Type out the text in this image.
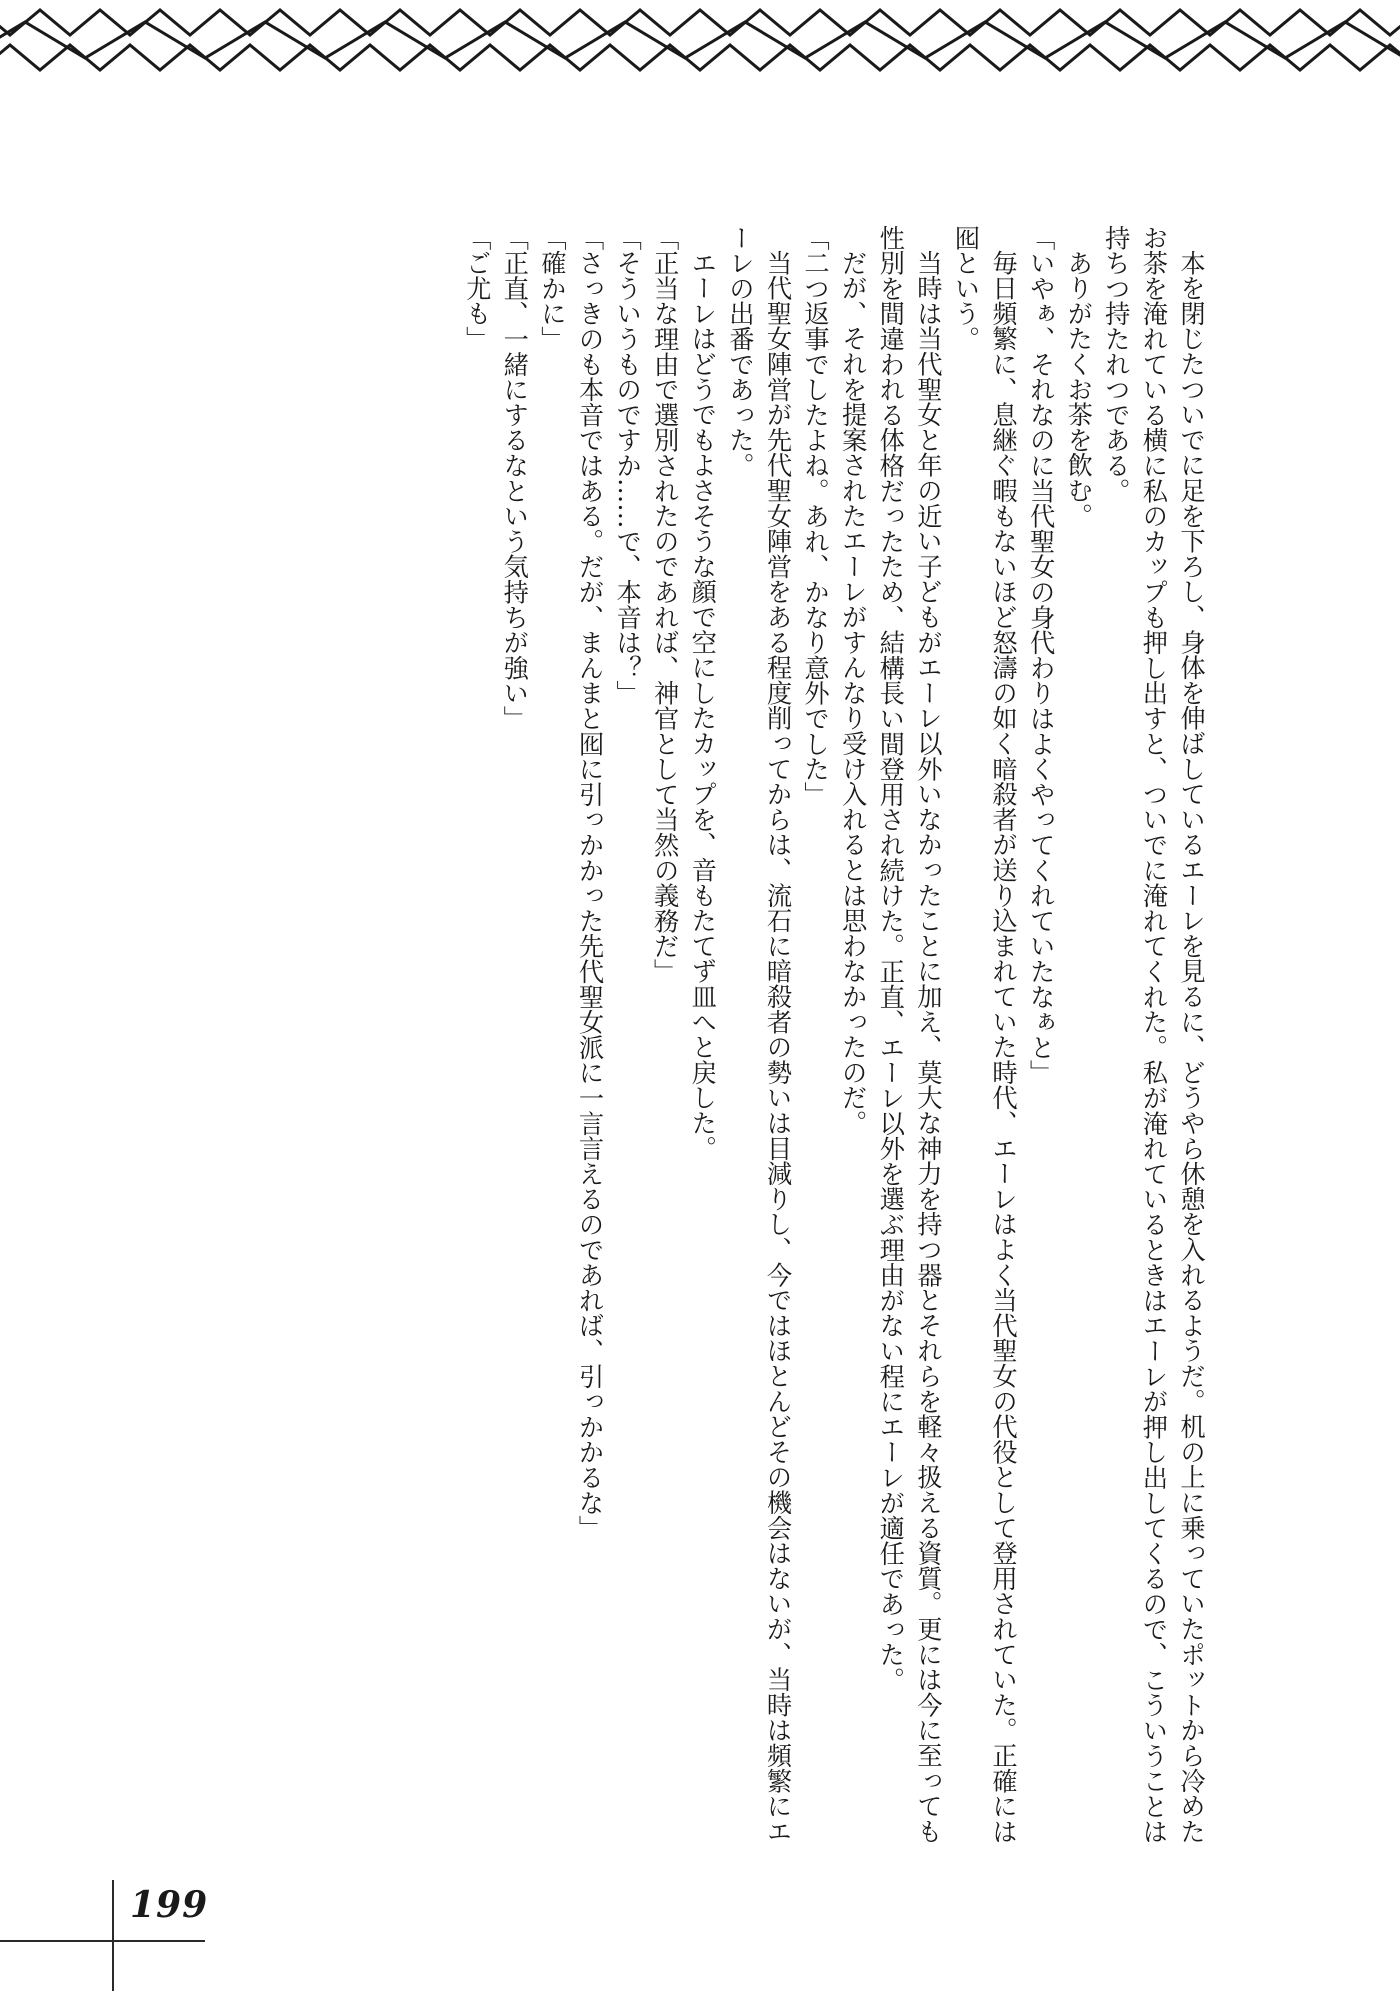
本を閉じたついでに足を下ろし、身体を伸ばしているエーレを見るに、どうやら休憩を入れるようだ。机の上に乗っていたポットから冷めたお茶を淹れている横に私のカップも押し出すと、ついでに淹れてくれた。私が淹れているときはエーレが押し出してくるので、こういうことは持ちつ持たれつである。

ありがたくお茶を飲む。

「いやぁ、それなのに当代聖女の身代わりはよくやってくれていたなぁと」

毎日頻繁に、息継ぐ暇もないほど怒濤の如く暗殺者が送り込まれていた時代、エーレはよく当代聖女の代役として登用されていた。正確には囮という。

当時は当代聖女と年の近い子どもがエーレ以外いなかったことに加え、莫大な神力を持つ器とそれらを軽々扱える資質。更には今に至っても性別を間違われる体格だったため、結構長い間登用され続けた。正直、エーレ以外を選ぶ理由がない程にエーレが適任であった。

だが、それを提案されたエーレがすんなり受け入れるとは思わなかったのだ。

「二つ返事でしたよね。あれ、かなり意外でした」

当代聖女陣営が先代聖女陣営をある程度削ってからは、流石に暗殺者の勢いは目減りし、今ではほとんどその機会はないが、当時は頻繁にエーレの出番であった。

エーレはどうでもよさそうな顔で空にしたカップを、音もたてず皿へと戻した。

「正当な理由で選別されたのであれば、神官として当然の義務だ」

「そういうものですか……で、本音は？」

「さっきのも本音ではある。だが、まんまと囮に引っかかった先代聖女派に一言言えるのであれば、引っかかるな」

「確かに」

「正直、一緒にするなという気持ちが強い」

「ご尤も」

199
